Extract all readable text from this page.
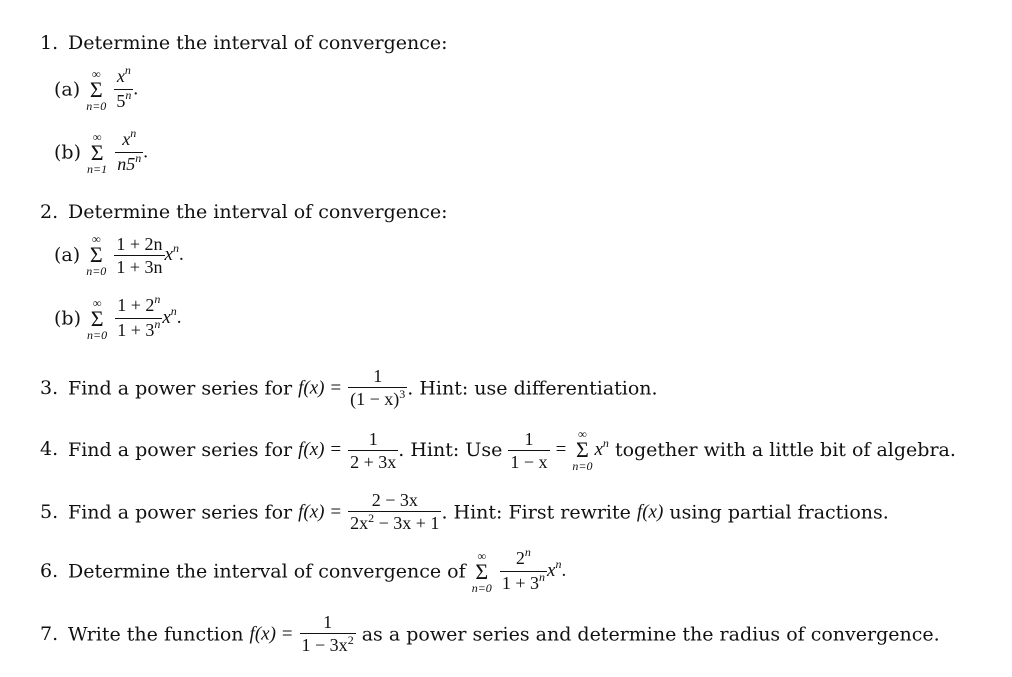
1. Determine the interval of convergence:
(a)
∞
Σ
n=0
$\frac{x^n}{5^n}$ .
(b)
∞
Σ
n=1
$\frac{x^n}{n5^n}$ .
2. Determine the interval of convergence:
(a)
∞
Σ
n=0
$\frac{1 + 2n}{1 + 3n} x^n$.
(b)
∞
Σ
n=0
$\frac{1 + 2^n}{1 + 3^n} x^n$.
3. Find a power series for $f(x) = \frac{1}{(1 - x)^3}$ . Hint: use differentiation.
4. Find a power series for $f(x) = \frac{1}{2 + 3x}$ . Hint: Use $\frac{1}{1 - x}$ =
∞
Σ
n=0
$x^n$ together with a little bit of algebra.
5. Find a power series for $f(x) = \frac{2 - 3x}{2x^2 - 3x + 1}$ . Hint: First rewrite f(x) using partial fractions.
6. Determine the interval of convergence of
∞
Σ
n=0
$\frac{2^n}{1 + 3^n} x^n$.
7. Write the function $f(x) = \frac{1}{1 - 3x^2}$ as a power series and determine the radius of convergence.
